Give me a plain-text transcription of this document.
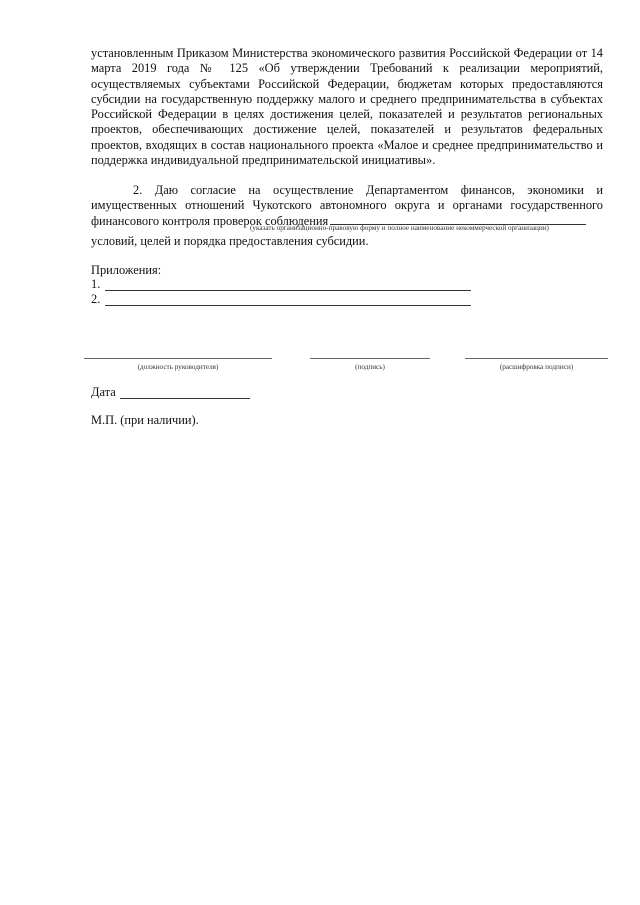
установленным Приказом Министерства экономического развития Российской Федерации от 14 марта 2019 года № 125 «Об утверждении Требований к реализации мероприятий, осуществляемых субъектами Российской Федерации, бюджетам которых предоставляются субсидии на государственную поддержку малого и среднего предпринимательства в субъектах Российской Федерации в целях достижения целей, показателей и результатов региональных проектов, обеспечивающих достижение целей, показателей и результатов федеральных проектов, входящих в состав национального проекта «Малое и среднее предпринимательство и поддержка индивидуальной предпринимательской инициативы».

2. Даю согласие на осуществление Департаментом финансов, экономики и имущественных отношений Чукотского автономного округа и органами государственного финансового контроля проверок соблюдения

(указать организационно-правовую форму и полное наименование некоммерческой организации)
условий, целей и порядка предоставления субсидии.
Приложения:
1.
2.
(должность руководителя)	(подпись)	(расшифровка подписи)
Дата
М.П. (при наличии).
